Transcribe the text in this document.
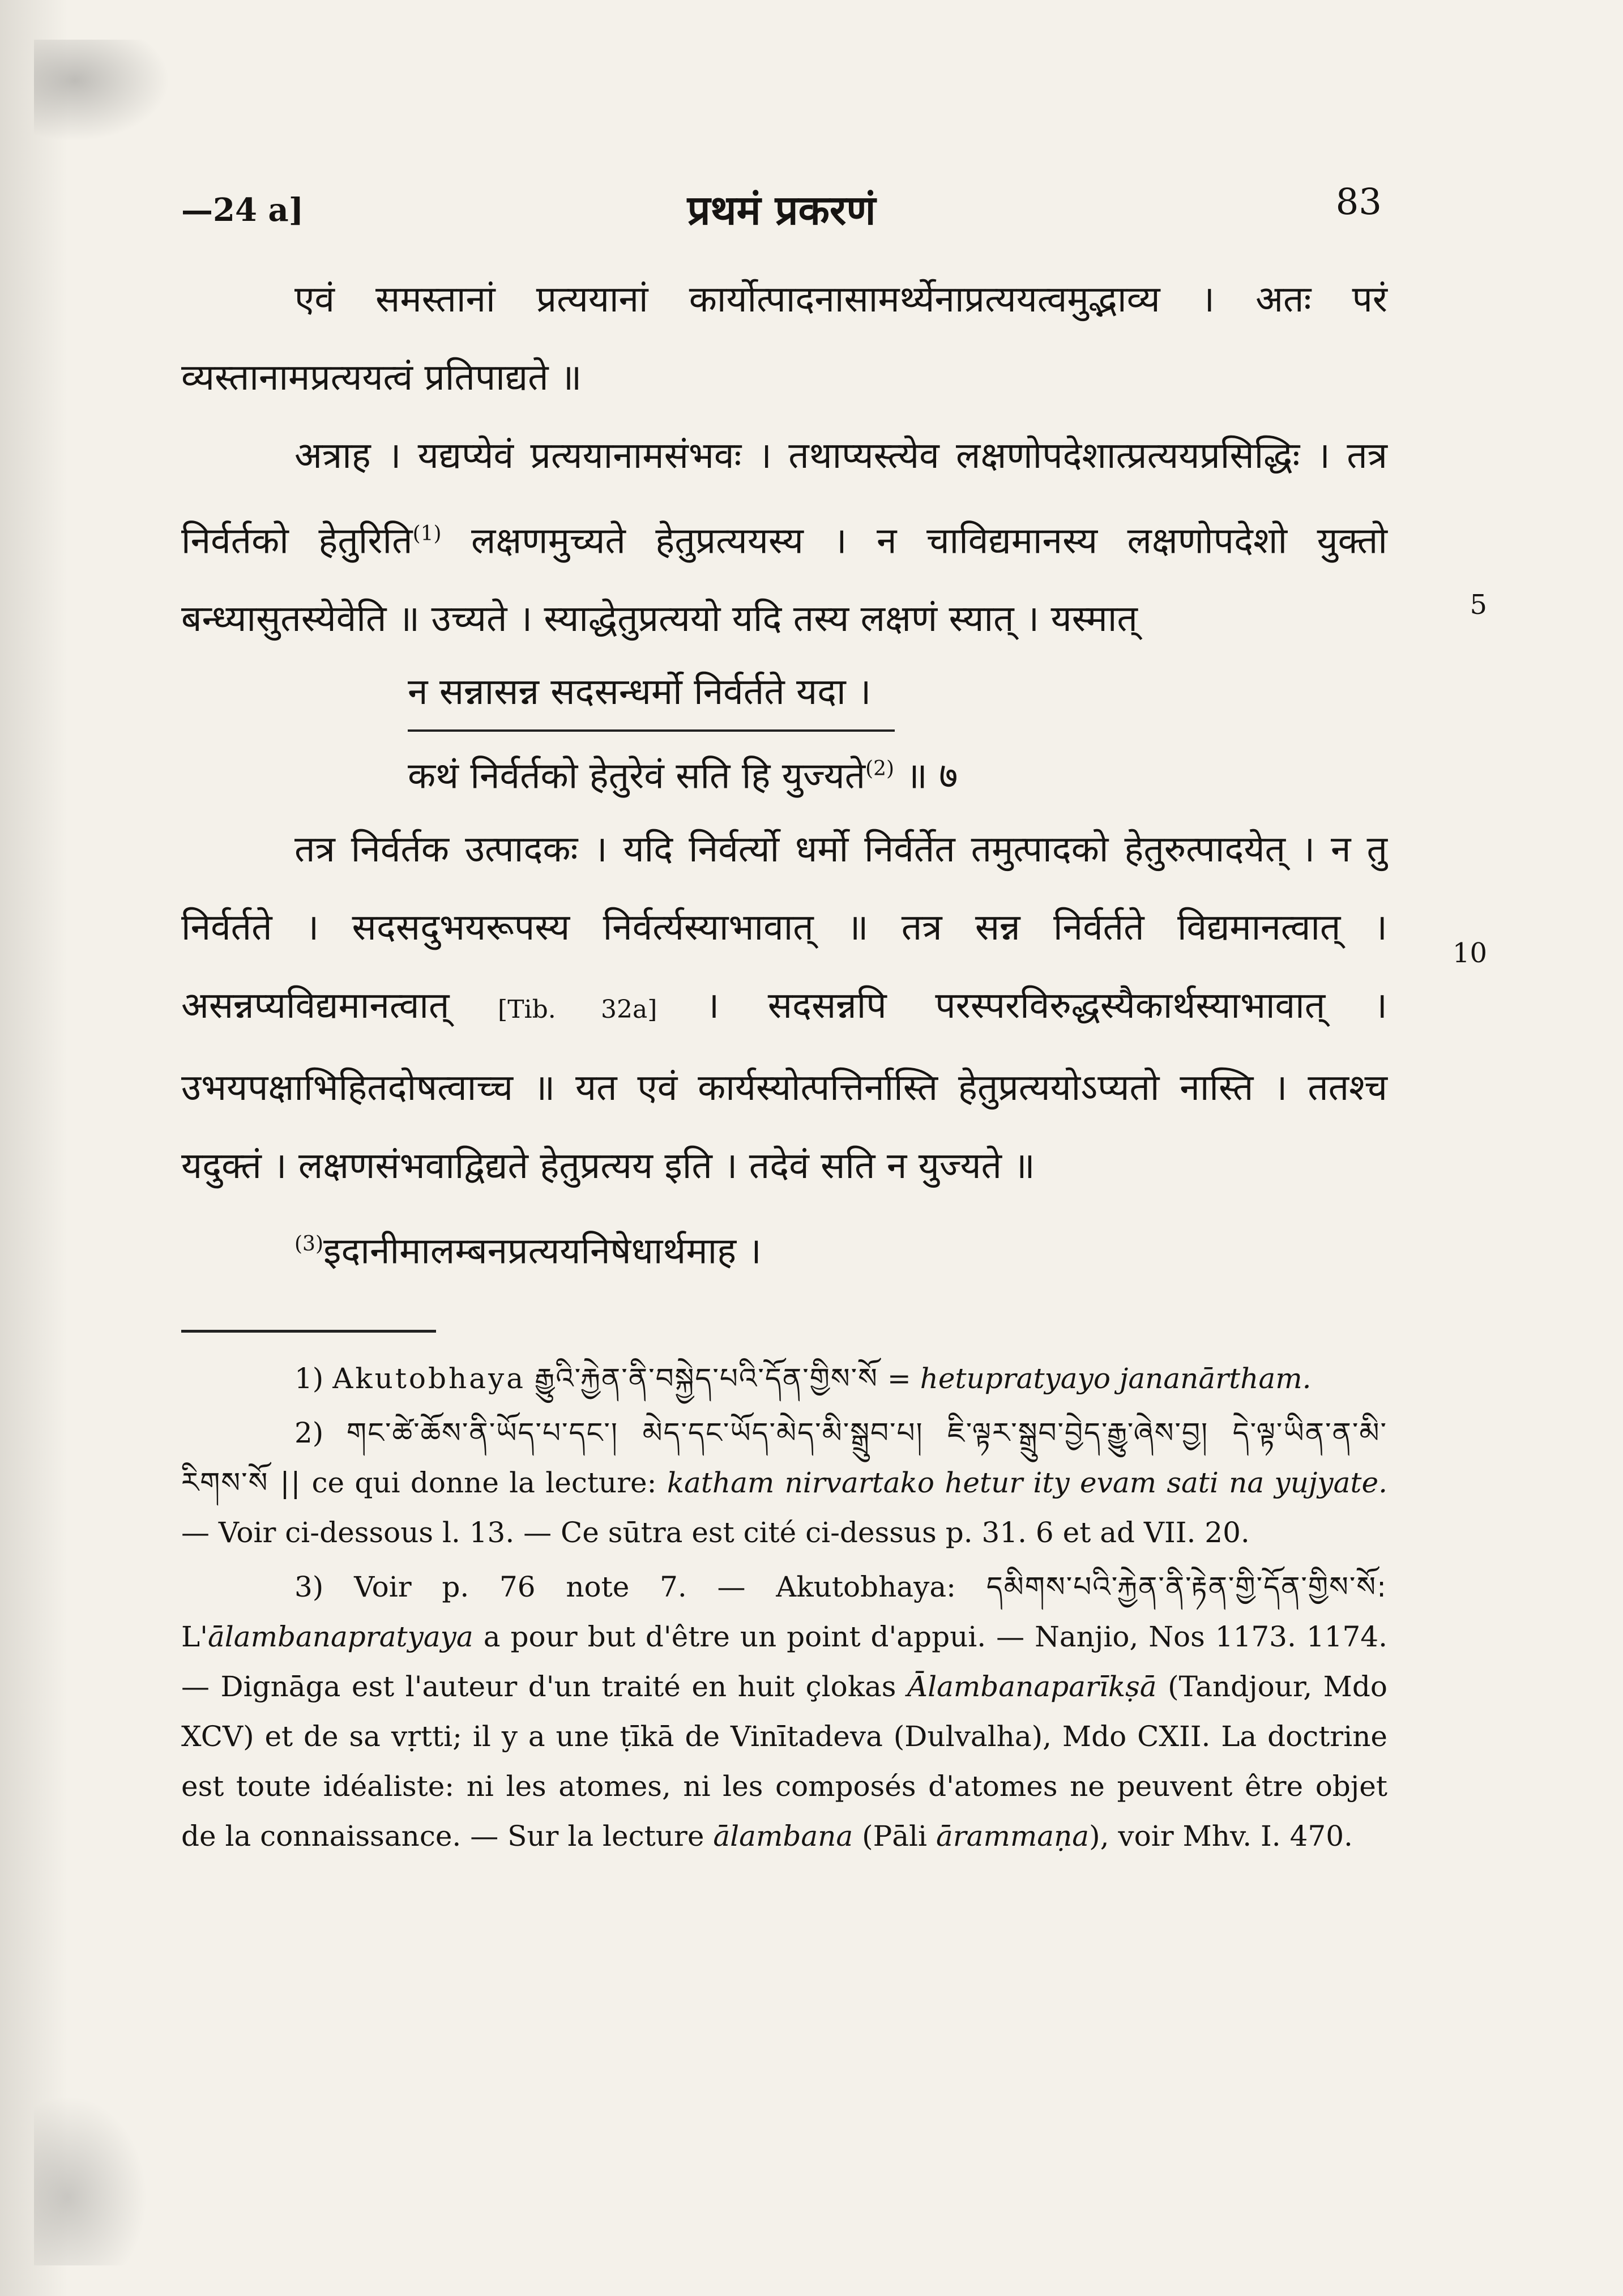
—24 a]	प्रथमं प्रकरणं	83

एवं समस्तानां प्रत्ययानां कार्योत्पादनासामर्थ्येनाप्रत्ययत्वमुद्भाव्य । अतः परं व्यस्तानामप्रत्ययत्वं प्रतिपाद्यते ॥

अत्राह । यद्यप्येवं प्रत्ययानामसंभवः । तथाप्यस्त्येव लक्षणोपदेशात्प्रत्ययप्रसिद्धिः । तत्र निर्वर्तको हेतुरिति$^{(1)}$ लक्षणमुच्यते हेतुप्रत्ययस्य । न चाविद्यमानस्य लक्षणोपदेशो युक्तो बन्ध्यासुतस्येवेति ॥ उच्यते । स्याद्धेतुप्रत्ययो यदि तस्य लक्षणं स्यात् । यस्मात्

न सन्नासन्न सदसन्धर्मो निर्वर्तते यदा ।
कथं निर्वर्तको हेतुरेवं सति हि युज्यते$^{(2)}$ ॥ ७

तत्र निर्वर्तक उत्पादकः । यदि निर्वर्त्यो धर्मो निर्वर्तेत तमुत्पादको हेतुरुत्पादयेत् । न तु निर्वर्तते । सदसदुभयरूपस्य निर्वर्त्यस्याभावात् ॥ तत्र सन्न निर्वर्तते विद्यमानत्वात् । असन्नप्यविद्यमानत्वात् [Tib. 32a] । सदसन्नपि परस्परविरुद्धस्यैकार्थस्याभावात् । उभयपक्षाभिहितदोषत्वाच्च ॥ यत एवं कार्यस्योत्पत्तिर्नास्ति हेतुप्रत्ययोऽप्यतो नास्ति । ततश्च यदुक्तं । लक्षणसंभवाद्विद्यते हेतुप्रत्यय इति । तदेवं सति न युज्यते ॥

$^{(3)}$इदानीमालम्बनप्रत्ययनिषेधार्थमाह ।

5
10

1) Akutobhaya རྒྱུའི་རྐྱེན་ནི་བསྐྱེད་པའི་དོན་གྱིས་སོ = hetupratyayo jananārtham.

2) གང་ཚེ་ཆོས་ནི་ཡོད་པ་དང་། མེད་དང་ཡོད་མེད་མི་སྒྲུབ་པ། ཇི་ལྟར་སྒྲུབ་བྱེད་རྒྱུ་ཞེས་བྱ། དེ་ལྟ་ཡིན་ན་མི་རིགས་སོ || ce qui donne la lecture: katham nirvartako hetur ity evam sati na yujyate. — Voir ci-dessous l. 13. — Ce sūtra est cité ci-dessus p. 31. 6 et ad VII. 20.

3) Voir p. 76 note 7. — Akutobhaya: དམིགས་པའི་རྐྱེན་ནི་རྟེན་གྱི་དོན་གྱིས་སོ: L'ālambanapratyaya a pour but d'être un point d'appui. — Nanjio, Nos 1173. 1174. — Dignāga est l'auteur d'un traité en huit çlokas Ālambanaparīkṣā (Tandjour, Mdo XCV) et de sa vṛtti; il y a une ṭīkā de Vinītadeva (Dulvalha), Mdo CXII. La doctrine est toute idéaliste: ni les atomes, ni les composés d'atomes ne peuvent être objet de la connaissance. — Sur la lecture ālambana (Pāli ārammaṇa), voir Mhv. I. 470.
